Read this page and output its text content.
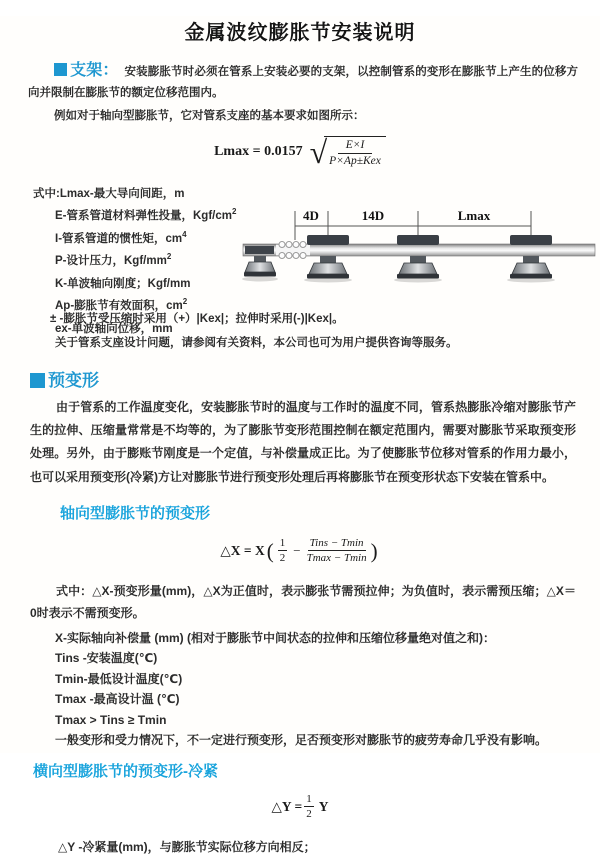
金属波纹膨胀节安装说明

支架： 安装膨胀节时必须在管系上安装必要的支架，以控制管系的变形在膨胀节上产生的位移方向并限制在膨胀节的额定位移范围内。

例如对于轴向型膨胀节，它对管系支座的基本要求如图所示：

Lmax = 0.0157 √
$\frac{E\times I}{\text{P×Ap±Kex}}$
式中:Lmax-最大导向间距，m
E-管系管道材料弹性投量，Kgf/$cm^2$
I-管系管道的惯性矩，$cm^4$
P-设计压力，Kgf/$mm^2$
K-单波轴向刚度；Kgf/mm
Ap-膨胀节有效面积，$cm^2$
ex-单波轴向位移，mm
4D	14D	Lmax

± -膨胀节受压缩时采用（+）|Kex|；拉伸时采用(-)|Kex|。

关于管系支座设计问题，请参阅有关资料，本公司也可为用户提供咨询等服务。

预变形

由于管系的工作温度变化，安装膨胀节时的温度与工作时的温度不同，管系热膨胀冷缩对膨胀节产生的拉伸、压缩量常常是不均等的，为了膨胀节变形范围控制在额定范围内，需要对膨胀节采取预变形处理。另外，由于膨账节刚度是一个定值，与补偿量成正比。为了使膨胀节位移对管系的作用力最小，也可以采用预变形(冷紧)方让对膨胀节进行预变形处理后再将膨胀节在预变形状态下安装在管系中。

轴向型膨胀节的预变形
△X = X ( 1
2
− Tins − Tmin
Tmax − Tmin )

式中：△X-预变形量(mm)，△X为正值时，表示膨张节需预拉伸；为负值时，表示需预压缩；△X＝0时表示不需预变形。

X-实际轴向补偿量 (mm) (相对于膨胀节中间状态的拉伸和压缩位移量绝对值之和)：
Tins -安装温度(℃)
Tmin-最低设计温度(℃)
Tmax -最高设计温 (℃)
Tmax > Tins ≥ Tmin
一般变形和受力情况下，不一定进行预变形，足否预变形对膨胀节的疲劳寿命几乎没有影响。
横向型膨胀节的预变形-冷紧
△Y = $\frac{1}{2}$ Y

△Y -冷紧量(mm)，与膨胀节实际位移方向相反；
